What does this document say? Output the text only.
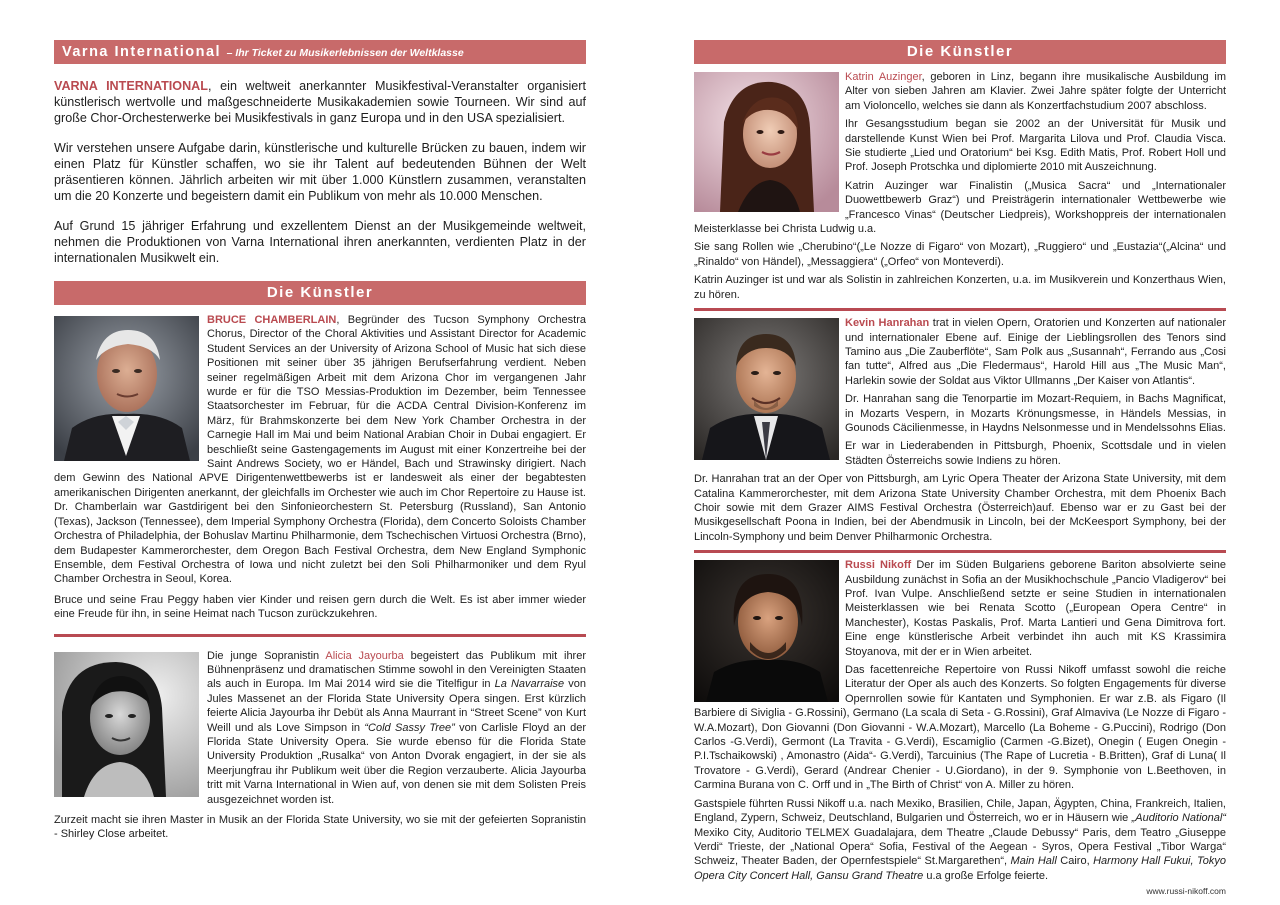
Varna International – Ihr Ticket zu Musikerlebnissen der Weltklasse

VARNA INTERNATIONAL, ein weltweit anerkannter Musikfestival-Veranstalter organisiert künstlerisch wertvolle und maßgeschneiderte Musikakademien sowie Tourneen. Wir sind auf große Chor-Orchesterwerke bei Musikfestivals in ganz Europa und in den USA spezialisiert.

Wir verstehen unsere Aufgabe darin, künstlerische und kulturelle Brücken zu bauen, indem wir einen Platz für Künstler schaffen, wo sie ihr Talent auf bedeutenden Bühnen der Welt präsentieren können. Jährlich arbeiten wir mit über 1.000 Künstlern zusammen, veranstalten um die 20 Konzerte und begeistern damit ein Publikum von mehr als 10.000 Menschen.

Auf Grund 15 jähriger Erfahrung und exzellentem Dienst an der Musikgemeinde weltweit, nehmen die Produktionen von Varna International ihren anerkannten, verdienten Platz in der internationalen Musikwelt ein.

Die Künstler

BRUCE CHAMBERLAIN, Begründer des Tucson Symphony Orchestra Chorus, Director of the Choral Aktivities und Assistant Director for Academic Student Services an der University of Arizona School of Music hat sich diese Positionen mit seiner über 35 jährigen Berufserfahrung verdient. Neben seiner regelmäßigen Arbeit mit dem Arizona Chor im vergangenen Jahr wurde er für die TSO Messias-Produktion im Dezember, beim Tennessee Staatsorchester im Februar, für die ACDA Central Division-Konferenz im März, für Brahmskonzerte bei dem New York Chamber Orchestra in der Carnegie Hall im Mai und beim National Arabian Choir in Dubai engagiert. Er beschließt seine Gastengagements im August mit einer Konzertreihe bei der Saint Andrews Society, wo er Händel, Bach und Strawinsky dirigiert. Nach dem Gewinn des National APVE Dirigentenwettbewerbs ist er landesweit als einer der begabtesten amerikanischen Dirigenten anerkannt, der gleichfalls im Orchester wie auch im Chor Repertoire zu Hause ist. Dr. Chamberlain war Gastdirigent bei den Sinfonieorchestern St. Petersburg (Russland), San Antonio (Texas), Jackson (Tennessee), dem Imperial Symphony Orchestra (Florida), dem Concerto Soloists Chamber Orchestra of Philadelphia, der Bohuslav Martinu Philharmonie, dem Tschechischen Virtuosi Orchestra (Brno), dem Budapester Kammerorchester, dem Oregon Bach Festival Orchestra, dem New England Symphonic Ensemble, dem Festival Orchestra of Iowa und nicht zuletzt bei den Soli Philharmoniker und dem Ryul Chamber Orchestra in Seoul, Korea.

Bruce und seine Frau Peggy haben vier Kinder und reisen gern durch die Welt. Es ist aber immer wieder eine Freude für ihn, in seine Heimat nach Tucson zurückzukehren.

Die junge Sopranistin Alicia Jayourba begeistert das Publikum mit ihrer Bühnenpräsenz und dramatischen Stimme sowohl in den Vereinigten Staaten als auch in Europa. Im Mai 2014 wird sie die Titelfigur in La Navarraise von Jules Massenet an der Florida State University Opera singen. Erst kürzlich feierte Alicia Jayourba ihr Debüt als Anna Maurrant in “Street Scene” von Kurt Weill und als Love Simpson in “Cold Sassy Tree” von Carlisle Floyd an der Florida State University Opera. Sie wurde ebenso für die Florida State University Produktion „Rusalka“ von Anton Dvorak engagiert, in der sie als Meerjungfrau ihr Publikum weit über die Region verzauberte. Alicia Jayourba tritt mit Varna International in Wien auf, von denen sie mit dem Solisten Preis ausgezeichnet worden ist.

Zurzeit macht sie ihren Master in Musik an der Florida State University, wo sie mit der gefeierten Sopranistin - Shirley Close arbeitet.

Die Künstler

Katrin Auzinger, geboren in Linz, begann ihre musikalische Ausbildung im Alter von sieben Jahren am Klavier. Zwei Jahre später folgte der Unterricht am Violoncello, welches sie dann als Konzertfachstudium 2007 abschloss.

Ihr Gesangsstudium began sie 2002 an der Universität für Musik und darstellende Kunst Wien bei Prof. Margarita Lilova und Prof. Claudia Visca. Sie studierte „Lied und Oratorium“ bei Ksg. Edith Matis, Prof. Robert Holl und Prof. Joseph Protschka und diplomierte 2010 mit Auszeichnung.

Katrin Auzinger war Finalistin („Musica Sacra“ und „Internationaler Duowettbewerb Graz“) und Preisträgerin internationaler Wettbewerbe wie „Francesco Vinas“ (Deutscher Liedpreis), Workshoppreis der internationalen Meisterklasse bei Christa Ludwig u.a.

Sie sang Rollen wie „Cherubino“(„Le Nozze di Figaro“ von Mozart), „Ruggiero“ und „Eustazia“(„Alcina“ und „Rinaldo“ von Händel), „Messaggiera“ („Orfeo“ von Monteverdi).

Katrin Auzinger ist und war als Solistin in zahlreichen Konzerten, u.a. im Musikverein und Konzerthaus Wien, zu hören.

Kevin Hanrahan trat in vielen Opern, Oratorien und Konzerten auf nationaler und internationaler Ebene auf. Einige der Lieblingsrollen des Tenors sind Tamino aus „Die Zauberflöte“, Sam Polk aus „Susannah“, Ferrando aus „Cosi fan tutte“, Alfred aus „Die Fledermaus“, Harold Hill aus „The Music Man“, Harlekin sowie der Soldat aus Viktor Ullmanns „Der Kaiser von Atlantis“.

Dr. Hanrahan sang die Tenorpartie im Mozart-Requiem, in Bachs Magnificat, in Mozarts Vespern, in Mozarts Krönungsmesse, in Händels Messias, in Gounods Cäcilienmesse, in Haydns Nelsonmesse und in Mendelssohns Elias.

Er war in Liederabenden in Pittsburgh, Phoenix, Scottsdale und in vielen Städten Österreichs sowie Indiens zu hören.

Dr. Hanrahan trat an der Oper von Pittsburgh, am Lyric Opera Theater der Arizona State University, mit dem Catalina Kammerorchester, mit dem Arizona State University Chamber Orchestra, mit dem Phoenix Bach Choir sowie mit dem Grazer AIMS Festival Orchestra (Österreich)auf. Ebenso war er zu Gast bei der Musikgesellschaft Poona in Indien, bei der Abendmusik in Lincoln, bei der McKeesport Symphony, bei der Lincoln-Symphony und beim Denver Philharmonic Orchestra.

Russi Nikoff Der im Süden Bulgariens geborene Bariton absolvierte seine Ausbildung zunächst in Sofia an der Musikhochschule „Pancio Vladigerov“ bei Prof. Ivan Vulpe. Anschließend setzte er seine Studien in internationalen Meisterklassen wie bei Renata Scotto („European Opera Centre“ in Manchester), Kostas Paskalis, Prof. Marta Lantieri und Gena Dimitrova fort. Eine enge künstlerische Arbeit verbindet ihn auch mit KS Krassimira Stoyanova, mit der er in Wien arbeitet.

Das facettenreiche Repertoire von Russi Nikoff umfasst sowohl die reiche Literatur der Oper als auch des Konzerts. So folgten Engagements für diverse Opernrollen sowie für Kantaten und Symphonien. Er war z.B. als Figaro (Il Barbiere di Siviglia - G.Rossini), Germano (La scala di Seta - G.Rossini), Graf Almaviva (Le Nozze di Figaro - W.A.Mozart), Don Giovanni (Don Giovanni - W.A.Mozart), Marcello (La Boheme - G.Puccini), Rodrigo (Don Carlos -G.Verdi), Germont (La Travita - G.Verdi), Escamiglio (Carmen -G.Bizet), Onegin ( Eugen Onegin -P.I.Tschaikowski) , Amonastro (Aida“- G.Verdi), Tarcuinius (The Rape of Lucretia - B.Britten), Graf di Luna( Il Trovatore - G.Verdi), Gerard (Andrear Chenier - U.Giordano), in der 9. Symphonie von L.Beethoven, in Carmina Burana von C. Orff und in „The Birth of Christ“ von A. Miller zu hören.

Gastspiele führten Russi Nikoff u.a. nach Mexiko, Brasilien, Chile, Japan, Ägypten, China, Frankreich, Italien, England, Zypern, Schweiz, Deutschland, Bulgarien und Österreich, wo er in Häusern wie „Auditorio National“ Mexiko City, Auditorio TELMEX Guadalajara, dem Theatre „Claude Debussy“ Paris, dem Teatro „Giuseppe Verdi“ Trieste, der „National Opera“ Sofia, Festival of the Aegean - Syros, Opera Festival „Tibor Warga“ Schweiz, Theater Baden, der Opernfestspiele“ St.Margarethen“, Main Hall Cairo, Harmony Hall Fukui, Tokyo Opera City Concert Hall, Gansu Grand Theatre u.a große Erfolge feierte.

www.russi-nikoff.com
